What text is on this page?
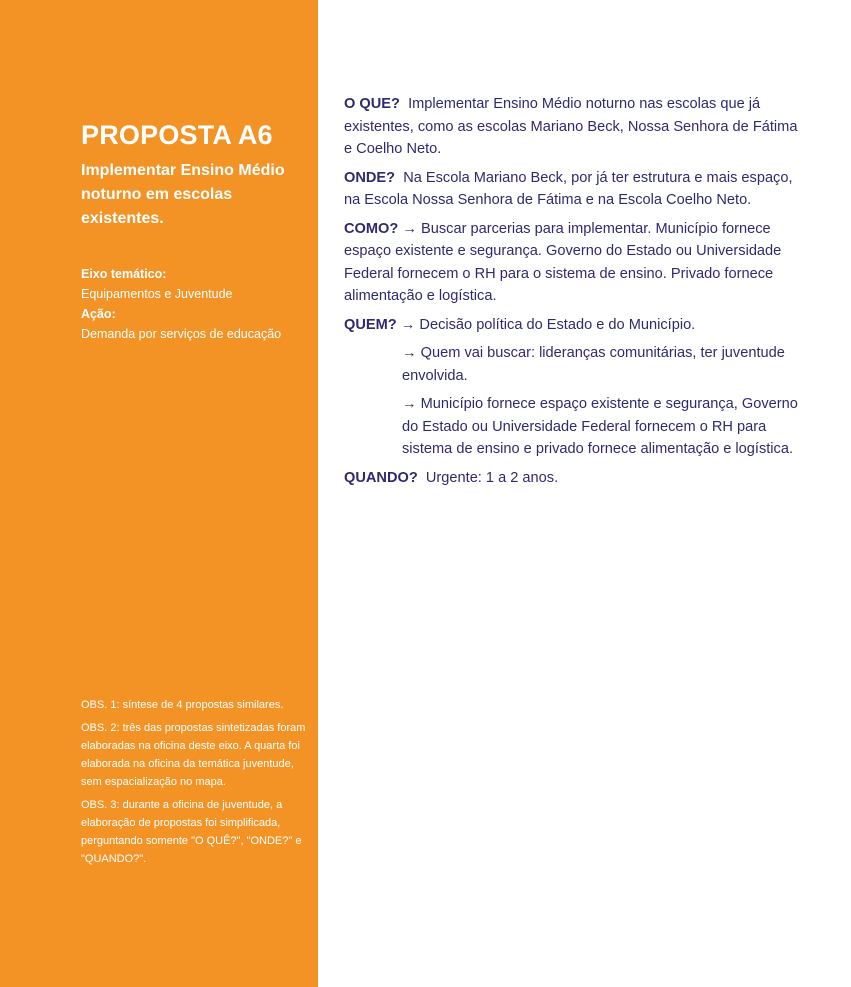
PROPOSTA A6
Implementar Ensino Médio noturno em escolas existentes.
Eixo temático:
Equipamentos e Juventude
Ação:
Demanda por serviços de educação

OBS. 1: síntese de 4 propostas similares.

OBS. 2: três das propostas sintetizadas foram elaboradas na oficina deste eixo. A quarta foi elaborada na oficina da temática juventude, sem espacialização no mapa.

OBS. 3: durante a oficina de juventude, a elaboração de propostas foi simplificada, perguntando somente "O QUÊ?", "ONDE?" e "QUANDO?".

O QUE? Implementar Ensino Médio noturno nas escolas que já existentes, como as escolas Mariano Beck, Nossa Senhora de Fátima e Coelho Neto.

ONDE? Na Escola Mariano Beck, por já ter estrutura e mais espaço, na Escola Nossa Senhora de Fátima e na Escola Coelho Neto.

COMO? → Buscar parcerias para implementar. Município fornece espaço existente e segurança. Governo do Estado ou Universidade Federal fornecem o RH para o sistema de ensino. Privado fornece alimentação e logística.

QUEM? → Decisão política do Estado e do Município.

→ Quem vai buscar: lideranças comunitárias, ter juventude envolvida.

→ Município fornece espaço existente e segurança, Governo do Estado ou Universidade Federal fornecem o RH para sistema de ensino e privado fornece alimentação e logística.

QUANDO? Urgente: 1 a 2 anos.
